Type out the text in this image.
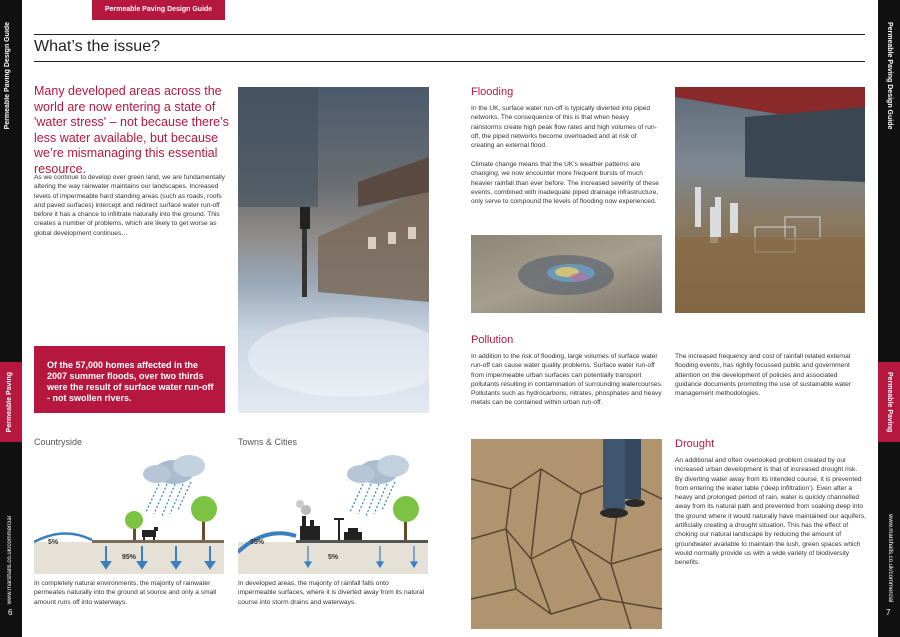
Permeable Paving Design Guide
Permeable Paving
www.marshalls.co.uk/commercial
6
Permeable Paving Design Guide
Permeable Paving
www.marshalls.co.uk/commercial
7
Permeable Paving Design Guide
What’s the issue?
Many developed areas across the world are now entering a state of 'water stress' – not because there’s less water available, but because we’re mismanaging this essential resource.
As we continue to develop over green land, we are fundamentally altering the way rainwater maintains our landscapes. Increased levels of impermeable hard standing areas (such as roads, roofs and paved surfaces) intercept and redirect surface water run-off before it has a chance to infiltrate naturally into the ground. This creates a number of problems, which are likely to get worse as global development continues…
Of the 57,000 homes affected in the 2007 summer floods, over two thirds were the result of surface water run-off - not swollen rivers.
Countryside	Towns & Cities
5%
95%
95%
5%
In completely natural environments, the majority of rainwater permeates naturally into the ground at source and only a small amount runs off into waterways.
In developed areas, the majority of rainfall falls onto impermeable surfaces, where it is diverted away from its natural course into storm drains and waterways.
Flooding
In the UK, surface water run-off is typically diverted into piped networks. The consequence of this is that when heavy rainstorms create high peak flow rates and high volumes of run-off, the piped networks become overloaded and at risk of creating an external flood.
Climate change means that the UK’s weather patterns are changing; we now encounter more frequent bursts of much heavier rainfall than ever before. The increased severity of these events, combined with inadequate piped drainage infrastructure, only serve to compound the levels of flooding now experienced.
Pollution
In addition to the risk of flooding, large volumes of surface water run-off can cause water quality problems. Surface water run-off from impermeable urban surfaces can potentially transport pollutants resulting in contamination of surrounding watercourses. Pollutants such as hydrocarbons, nitrates, phosphates and heavy metals can be contained within urban run-off.
The increased frequency and cost of rainfall related external flooding events, has rightly focussed public and government attention on the development of policies and associated guidance documents promoting the use of sustainable water management methodologies.
Drought
An additional and often overlooked problem created by our increased urban development is that of increased drought risk. By diverting water away from its intended course, it is prevented from entering the water table (‘deep infiltration’). Even after a heavy and prolonged period of rain, water is quickly channelled away from its natural path and prevented from soaking deep into the ground where it would naturally have maintained our aquifers, artificially creating a drought situation. This has the effect of choking our natural landscape by reducing the amount of groundwater available to maintain the lush, green spaces which would normally provide us with a wide variety of biodiversity benefits.
